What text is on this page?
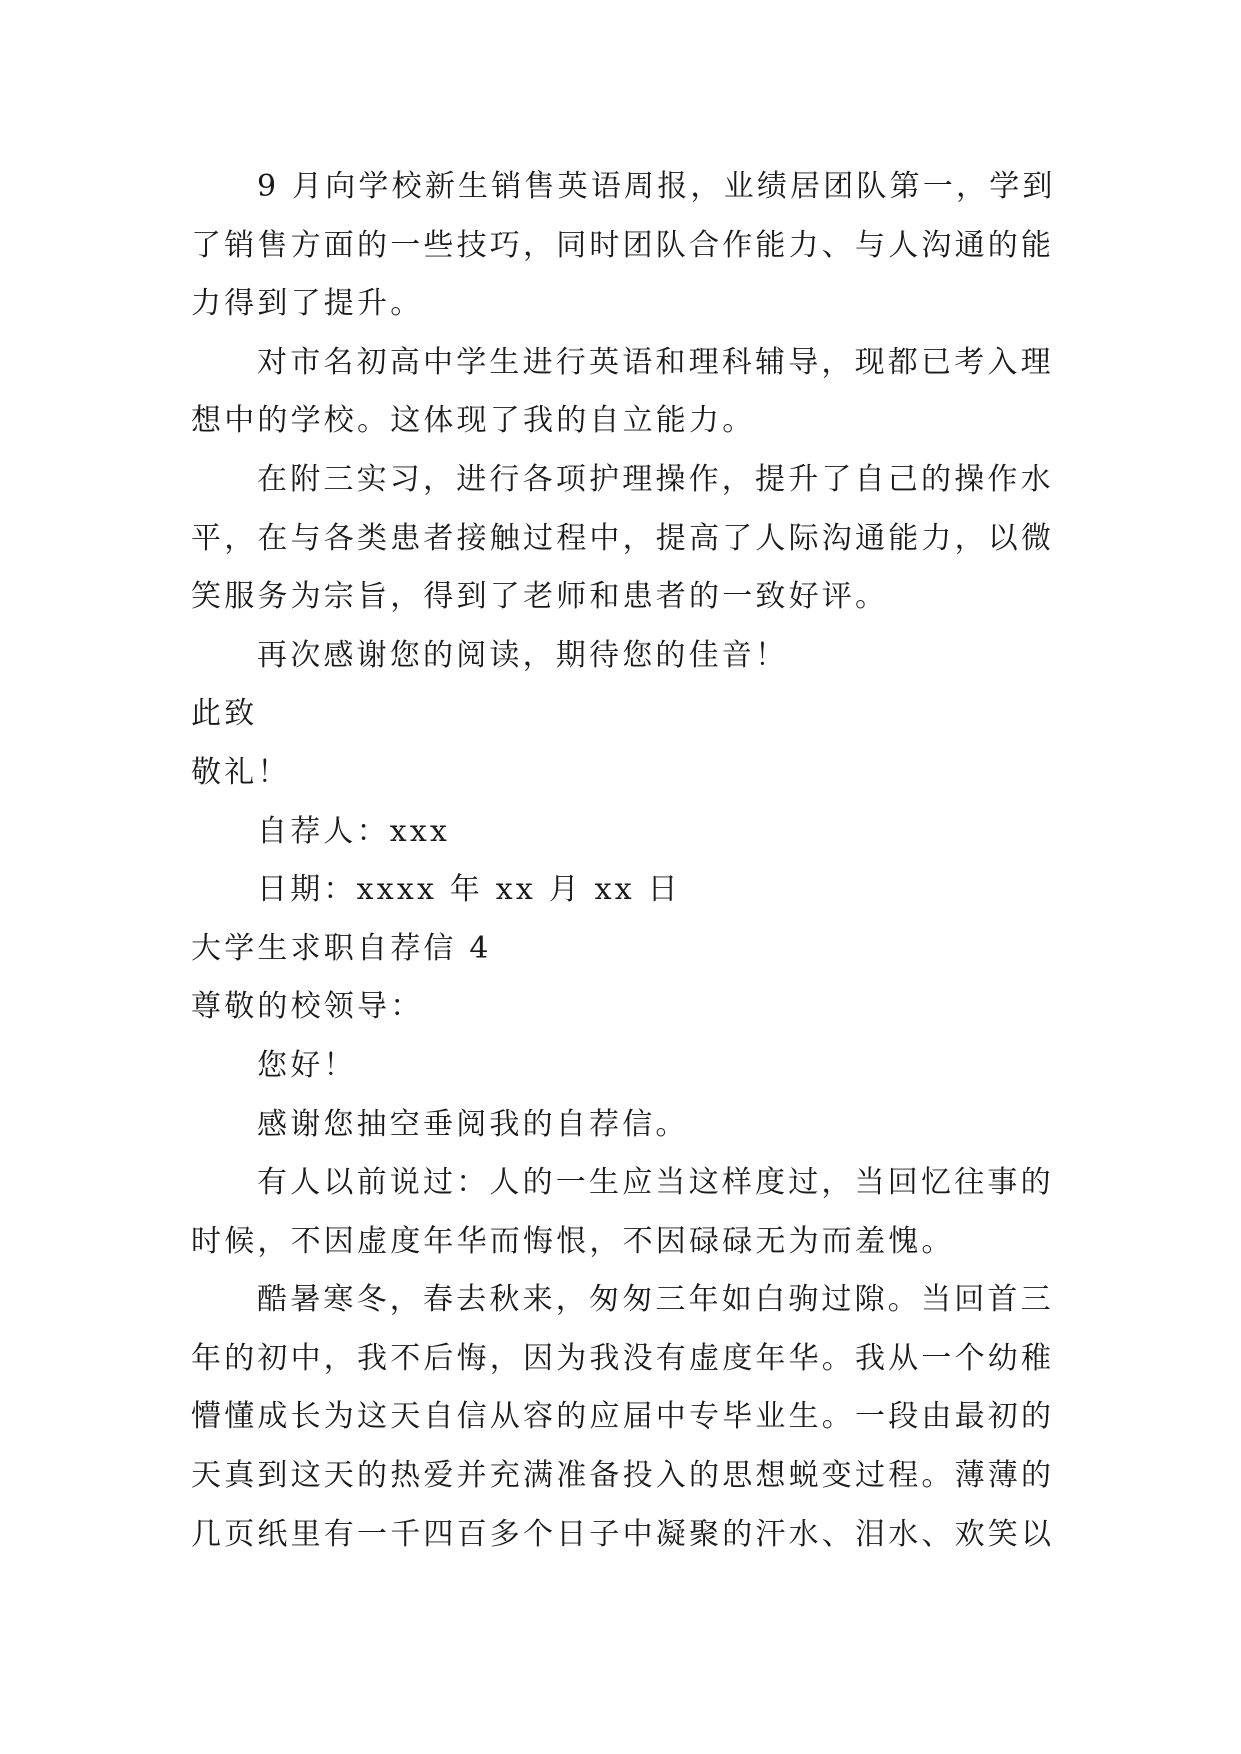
9 月向学校新生销售英语周报，业绩居团队第一，学到
了销售方面的一些技巧，同时团队合作能力、与人沟通的能
力得到了提升。
对市名初高中学生进行英语和理科辅导，现都已考入理
想中的学校。这体现了我的自立能力。
在附三实习，进行各项护理操作，提升了自己的操作水
平，在与各类患者接触过程中，提高了人际沟通能力，以微
笑服务为宗旨，得到了老师和患者的一致好评。
再次感谢您的阅读，期待您的佳音！
此致
敬礼！
自荐人：xxx
日期：xxxx 年 xx 月 xx 日
大学生求职自荐信 4
尊敬的校领导：
您好！
感谢您抽空垂阅我的自荐信。
有人以前说过：人的一生应当这样度过，当回忆往事的
时候，不因虚度年华而悔恨，不因碌碌无为而羞愧。
酷暑寒冬，春去秋来，匆匆三年如白驹过隙。当回首三
年的初中，我不后悔，因为我没有虚度年华。我从一个幼稚
懵懂成长为这天自信从容的应届中专毕业生。一段由最初的
天真到这天的热爱并充满准备投入的思想蜕变过程。薄薄的
几页纸里有一千四百多个日子中凝聚的汗水、泪水、欢笑以
